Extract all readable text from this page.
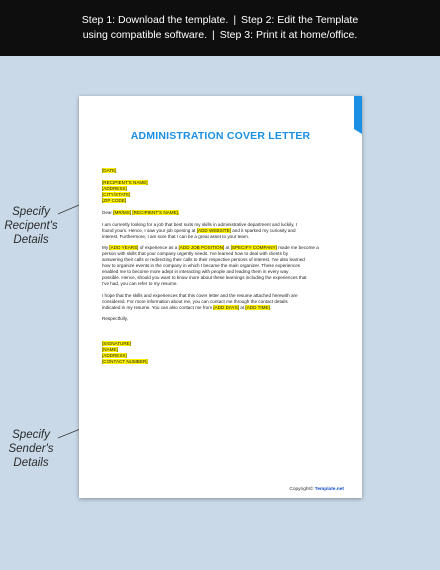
Step 1: Download the template. | Step 2: Edit the Template
using compatible software. | Step 3: Print it at home/office.
Specify
Recipent's
Details
Specify
Sender's
Details
ADMINISTRATION COVER LETTER
[DATE]
[RECIPIENT'S NAME]
[ADDRESS]
[CITY/STATE]
[ZIP CODE]
Dear [MR/MS] [RECIPIENT'S NAME],
I am currently looking for a job that best suits my skills in administrative department and luckily, I
found yours. Hence, I saw your job opening at [ADD WEBSITE] and it sparked my curiosity and
interest. Furthermore, I am sure that I can be a great asset to your team.
My [ADD YEARS] of experience as a [ADD JOB POSITION] at [SPECIFY COMPANY] made me become a
person with skills that your company urgently needs. I've learned how to deal with clients by
answering their calls or redirecting their calls to their respective persons of interest. I've also learned
how to organize events in the company in which I became the main organizer. These experiences
enabled me to become more adept in interacting with people and leading them in every way
possible. Hence, should you want to know more about these learnings including the experiences that
I've had, you can refer to my resume.
I hope that the skills and experiences that this cover letter and the resume attached herewith are
considered. For more information about me, you can contact me through the contact details
indicated in my resume. You can also contact me from [ADD DAYS] at [ADD TIME].
Respectfully,
[SIGNATURE]
[NAME]
[ADDRESS]
[CONTACT NUMBER]
Copyright© Template.net
